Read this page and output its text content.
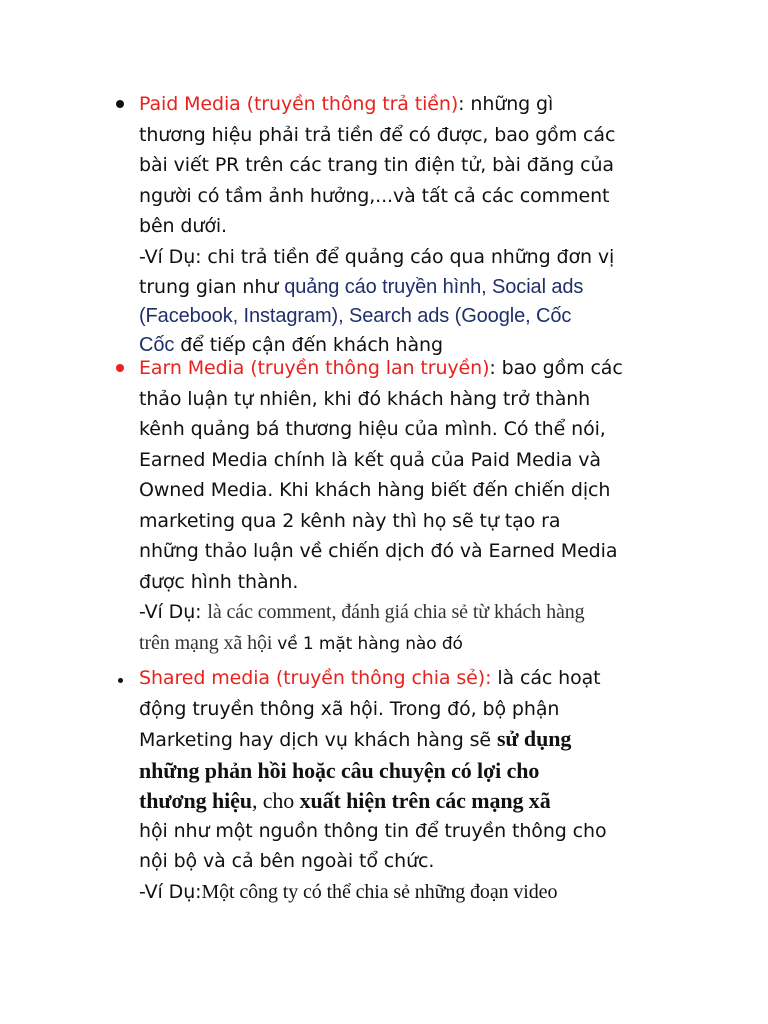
Paid Media (truyền thông trả tiền): những gì
thương hiệu phải trả tiền để có được, bao gồm các
bài viết PR trên các trang tin điện tử, bài đăng của
người có tầm ảnh hưởng,...và tất cả các comment
bên dưới.
-Ví Dụ: chi trả tiền để quảng cáo qua những đơn vị
trung gian như quảng cáo truyền hình, Social ads
(Facebook, Instagram), Search ads (Google, Cốc
Cốc để tiếp cận đến khách hàng
Earn Media (truyền thông lan truyền): bao gồm các
thảo luận tự nhiên, khi đó khách hàng trở thành
kênh quảng bá thương hiệu của mình. Có thể nói,
Earned Media chính là kết quả của Paid Media và
Owned Media. Khi khách hàng biết đến chiến dịch
marketing qua 2 kênh này thì họ sẽ tự tạo ra
những thảo luận về chiến dịch đó và Earned Media
được hình thành.
-Ví Dụ: là các comment, đánh giá chia sẻ từ khách hàng
trên mạng xã hội về 1 mặt hàng nào đó
Shared media (truyền thông chia sẻ): là các hoạt
động truyền thông xã hội. Trong đó, bộ phận
Marketing hay dịch vụ khách hàng sẽ sử dụng
những phản hồi hoặc câu chuyện có lợi cho
thương hiệu, cho xuất hiện trên các mạng xã
hội như một nguồn thông tin để truyền thông cho
nội bộ và cả bên ngoài tổ chức.
-Ví Dụ:Một công ty có thể chia sẻ những đoạn video
